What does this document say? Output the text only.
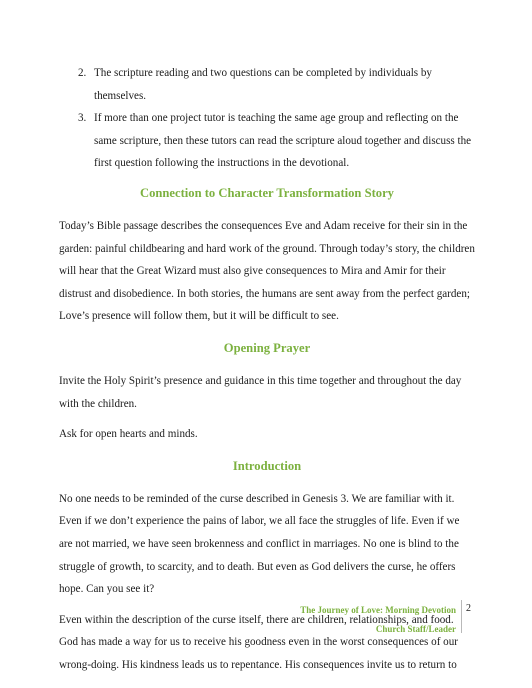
2. The scripture reading and two questions can be completed by individuals by themselves.
3. If more than one project tutor is teaching the same age group and reflecting on the same scripture, then these tutors can read the scripture aloud together and discuss the first question following the instructions in the devotional.
Connection to Character Transformation Story

Today’s Bible passage describes the consequences Eve and Adam receive for their sin in the garden: painful childbearing and hard work of the ground. Through today’s story, the children will hear that the Great Wizard must also give consequences to Mira and Amir for their distrust and disobedience. In both stories, the humans are sent away from the perfect garden; Love’s presence will follow them, but it will be difficult to see.

Opening Prayer

Invite the Holy Spirit’s presence and guidance in this time together and throughout the day with the children.

Ask for open hearts and minds.

Introduction

No one needs to be reminded of the curse described in Genesis 3. We are familiar with it. Even if we don’t experience the pains of labor, we all face the struggles of life. Even if we are not married, we have seen brokenness and conflict in marriages. No one is blind to the struggle of growth, to scarcity, and to death. But even as God delivers the curse, he offers hope. Can you see it?

Even within the description of the curse itself, there are children, relationships, and food. God has made a way for us to receive his goodness even in the worst consequences of our wrong-doing. His kindness leads us to repentance. His consequences invite us to return to

The Journey of Love: Morning Devotion
Church Staff/Leader
2
